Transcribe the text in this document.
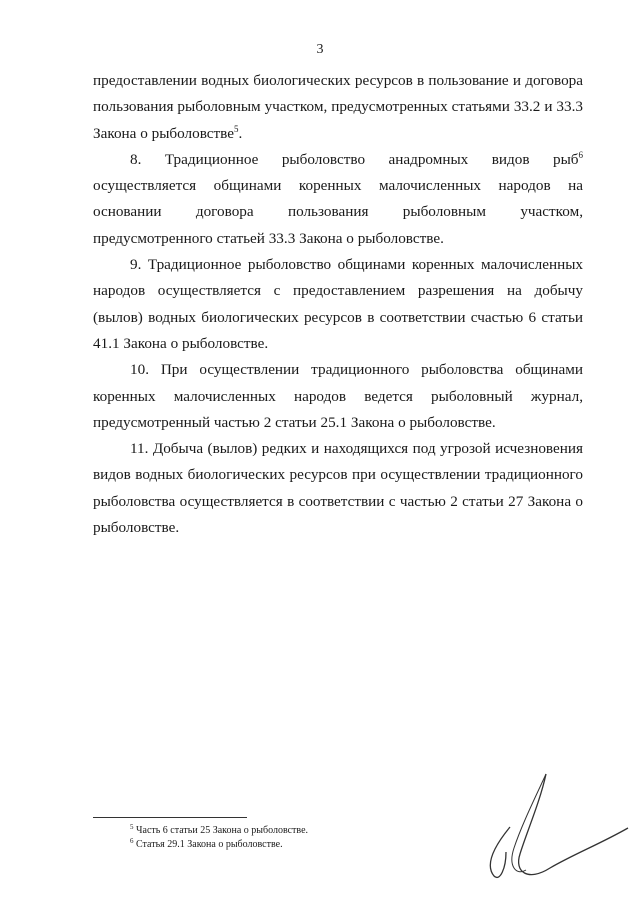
3

предоставлении водных биологических ресурсов в пользование и договора пользования рыболовным участком, предусмотренных статьями 33.2 и 33.3 Закона о рыболовстве$^5$.

8. Традиционное рыболовство анадромных видов рыб$^6$ осуществляется общинами коренных малочисленных народов на основании договора пользования рыболовным участком, предусмотренного статьей 33.3 Закона о рыболовстве.

9. Традиционное рыболовство общинами коренных малочисленных народов осуществляется с предоставлением разрешения на добычу (вылов) водных биологических ресурсов в соответствии счастью 6 статьи 41.1 Закона о рыболовстве.

10. При осуществлении традиционного рыболовства общинами коренных малочисленных народов ведется рыболовный журнал, предусмотренный частью 2 статьи 25.1 Закона о рыболовстве.

11. Добыча (вылов) редких и находящихся под угрозой исчезновения видов водных биологических ресурсов при осуществлении традиционного рыболовства осуществляется в соответствии с частью 2 статьи 27 Закона о рыболовстве.

$^5$ Часть 6 статьи 25 Закона о рыболовстве.
$^6$ Статья 29.1 Закона о рыболовстве.
